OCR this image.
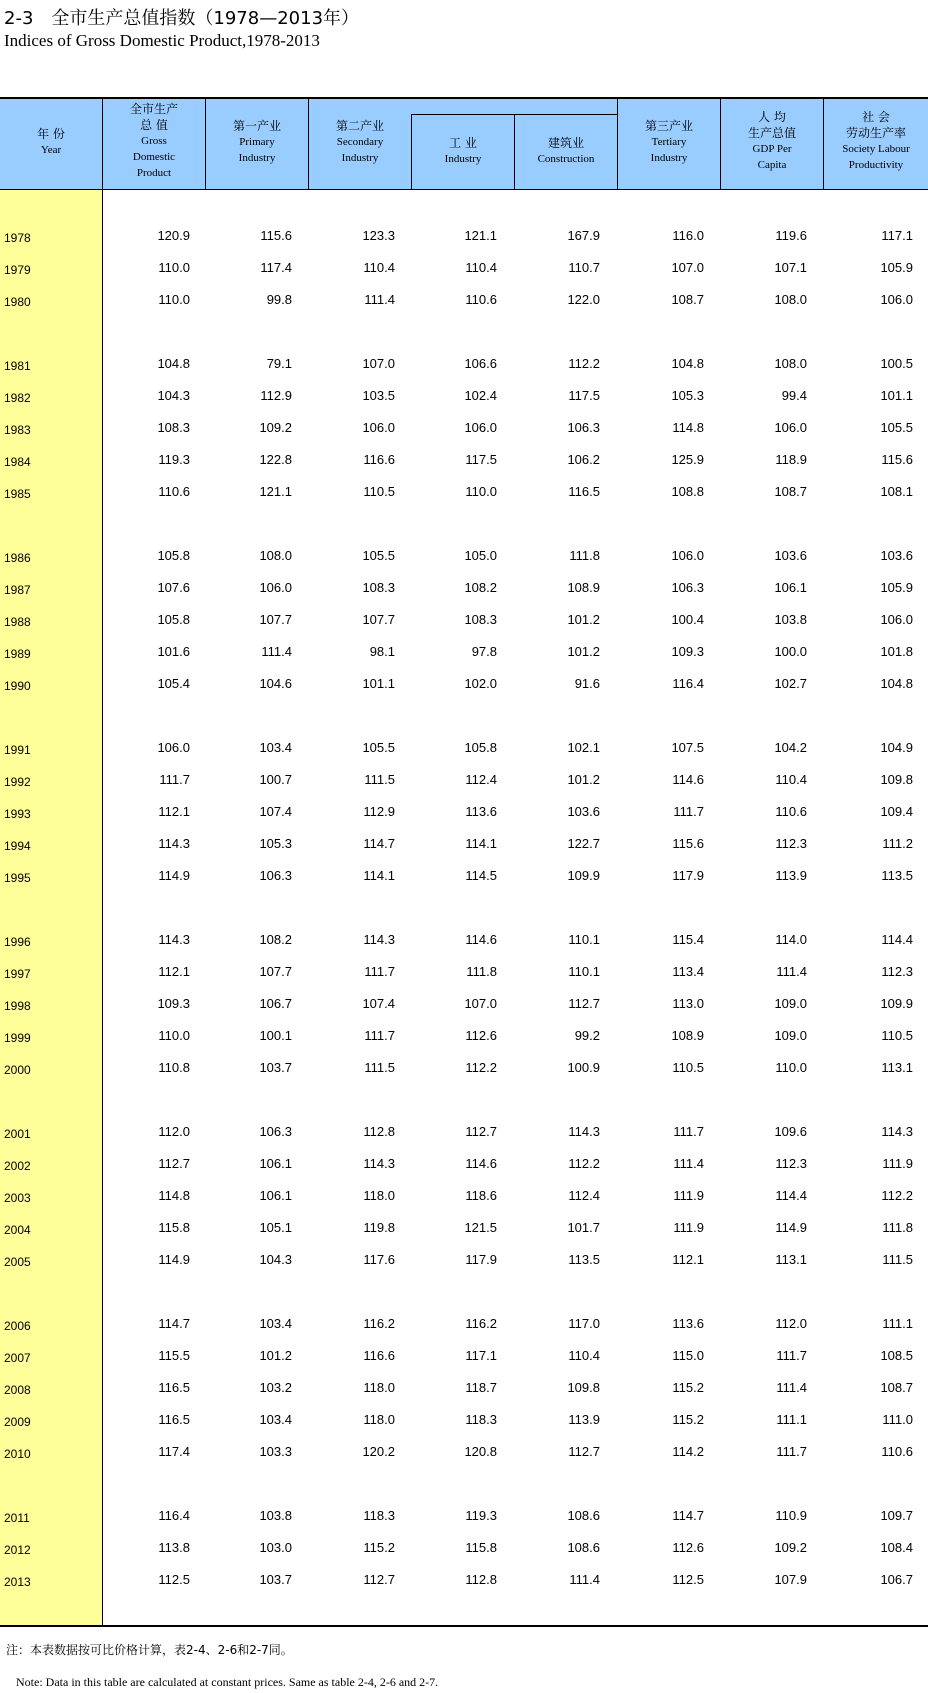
2-3　全市生产总值指数（1978—2013年）
Indices of Gross Domestic Product,1978-2013
年 份
Year
全市生产
总 值
Gross
Domestic
Product
第一产业
Primary
Industry
第二产业
Secondary
Industry
工 业
Industry
建筑业
Construction
第三产业
Tertiary
Industry
人 均
生产总值
GDP Per
Capita
社 会
劳动生产率
Society Labour
Productivity
1978	120.9	115.6	123.3	121.1	167.9	116.0	119.6	117.1
1979	110.0	117.4	110.4	110.4	110.7	107.0	107.1	105.9
1980	110.0	99.8	111.4	110.6	122.0	108.7	108.0	106.0
1981	104.8	79.1	107.0	106.6	112.2	104.8	108.0	100.5
1982	104.3	112.9	103.5	102.4	117.5	105.3	99.4	101.1
1983	108.3	109.2	106.0	106.0	106.3	114.8	106.0	105.5
1984	119.3	122.8	116.6	117.5	106.2	125.9	118.9	115.6
1985	110.6	121.1	110.5	110.0	116.5	108.8	108.7	108.1
1986	105.8	108.0	105.5	105.0	111.8	106.0	103.6	103.6
1987	107.6	106.0	108.3	108.2	108.9	106.3	106.1	105.9
1988	105.8	107.7	107.7	108.3	101.2	100.4	103.8	106.0
1989	101.6	111.4	98.1	97.8	101.2	109.3	100.0	101.8
1990	105.4	104.6	101.1	102.0	91.6	116.4	102.7	104.8
1991	106.0	103.4	105.5	105.8	102.1	107.5	104.2	104.9
1992	111.7	100.7	111.5	112.4	101.2	114.6	110.4	109.8
1993	112.1	107.4	112.9	113.6	103.6	111.7	110.6	109.4
1994	114.3	105.3	114.7	114.1	122.7	115.6	112.3	111.2
1995	114.9	106.3	114.1	114.5	109.9	117.9	113.9	113.5
1996	114.3	108.2	114.3	114.6	110.1	115.4	114.0	114.4
1997	112.1	107.7	111.7	111.8	110.1	113.4	111.4	112.3
1998	109.3	106.7	107.4	107.0	112.7	113.0	109.0	109.9
1999	110.0	100.1	111.7	112.6	99.2	108.9	109.0	110.5
2000	110.8	103.7	111.5	112.2	100.9	110.5	110.0	113.1
2001	112.0	106.3	112.8	112.7	114.3	111.7	109.6	114.3
2002	112.7	106.1	114.3	114.6	112.2	111.4	112.3	111.9
2003	114.8	106.1	118.0	118.6	112.4	111.9	114.4	112.2
2004	115.8	105.1	119.8	121.5	101.7	111.9	114.9	111.8
2005	114.9	104.3	117.6	117.9	113.5	112.1	113.1	111.5
2006	114.7	103.4	116.2	116.2	117.0	113.6	112.0	111.1
2007	115.5	101.2	116.6	117.1	110.4	115.0	111.7	108.5
2008	116.5	103.2	118.0	118.7	109.8	115.2	111.4	108.7
2009	116.5	103.4	118.0	118.3	113.9	115.2	111.1	111.0
2010	117.4	103.3	120.2	120.8	112.7	114.2	111.7	110.6
2011	116.4	103.8	118.3	119.3	108.6	114.7	110.9	109.7
2012	113.8	103.0	115.2	115.8	108.6	112.6	109.2	108.4
2013	112.5	103.7	112.7	112.8	111.4	112.5	107.9	106.7
注：本表数据按可比价格计算，表2-4、2-6和2-7同。
Note: Data in this table are calculated at constant prices. Same as table 2-4, 2-6 and 2-7.
